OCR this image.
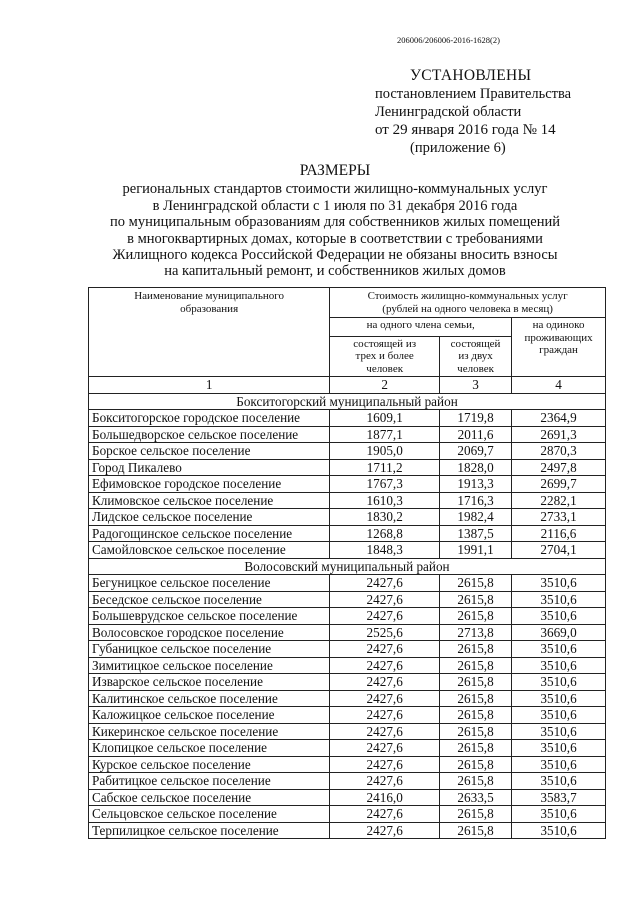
206006/206006-2016-1628(2)
УСТАНОВЛЕНЫ
постановлением Правительства
Ленинградской области
от 29 января 2016 года № 14
(приложение 6)
РАЗМЕРЫ
региональных стандартов стоимости жилищно-коммунальных услуг
в Ленинградской области с 1 июля по 31 декабря 2016 года
по муниципальным образованиям для собственников жилых помещений
в многоквартирных домах, которые в соответствии с требованиями
Жилищного кодекса Российской Федерации не обязаны вносить взносы
на капитальный ремонт, и собственников жилых домов
Наименование муниципального образования	Стоимость жилищно-коммунальных услуг (рублей на одного человека в месяц)		
	на одного члена семьи,		на одиноко проживающих граждан
	состоящей из трех и более человек	состоящей из двух человек	
1	2	3	4
Бокситогорский муниципальный район			
Бокситогорское городское поселение	1609,1	1719,8	2364,9
Большедворское сельское поселение	1877,1	2011,6	2691,3
Борское сельское поселение	1905,0	2069,7	2870,3
Город Пикалево	1711,2	1828,0	2497,8
Ефимовское городское поселение	1767,3	1913,3	2699,7
Климовское сельское поселение	1610,3	1716,3	2282,1
Лидское сельское поселение	1830,2	1982,4	2733,1
Радогощинское сельское поселение	1268,8	1387,5	2116,6
Самойловское сельское поселение	1848,3	1991,1	2704,1
Волосовский муниципальный район			
Бегуницкое сельское поселение	2427,6	2615,8	3510,6
Беседское сельское поселение	2427,6	2615,8	3510,6
Большеврудское сельское поселение	2427,6	2615,8	3510,6
Волосовское городское поселение	2525,6	2713,8	3669,0
Губаницкое сельское поселение	2427,6	2615,8	3510,6
Зимитицкое сельское поселение	2427,6	2615,8	3510,6
Изварское сельское поселение	2427,6	2615,8	3510,6
Калитинское сельское поселение	2427,6	2615,8	3510,6
Каложицкое сельское поселение	2427,6	2615,8	3510,6
Кикеринское сельское поселение	2427,6	2615,8	3510,6
Клопицкое сельское поселение	2427,6	2615,8	3510,6
Курское сельское поселение	2427,6	2615,8	3510,6
Рабитицкое сельское поселение	2427,6	2615,8	3510,6
Сабское сельское поселение	2416,0	2633,5	3583,7
Сельцовское сельское поселение	2427,6	2615,8	3510,6
Терпилицкое сельское поселение	2427,6	2615,8	3510,6
